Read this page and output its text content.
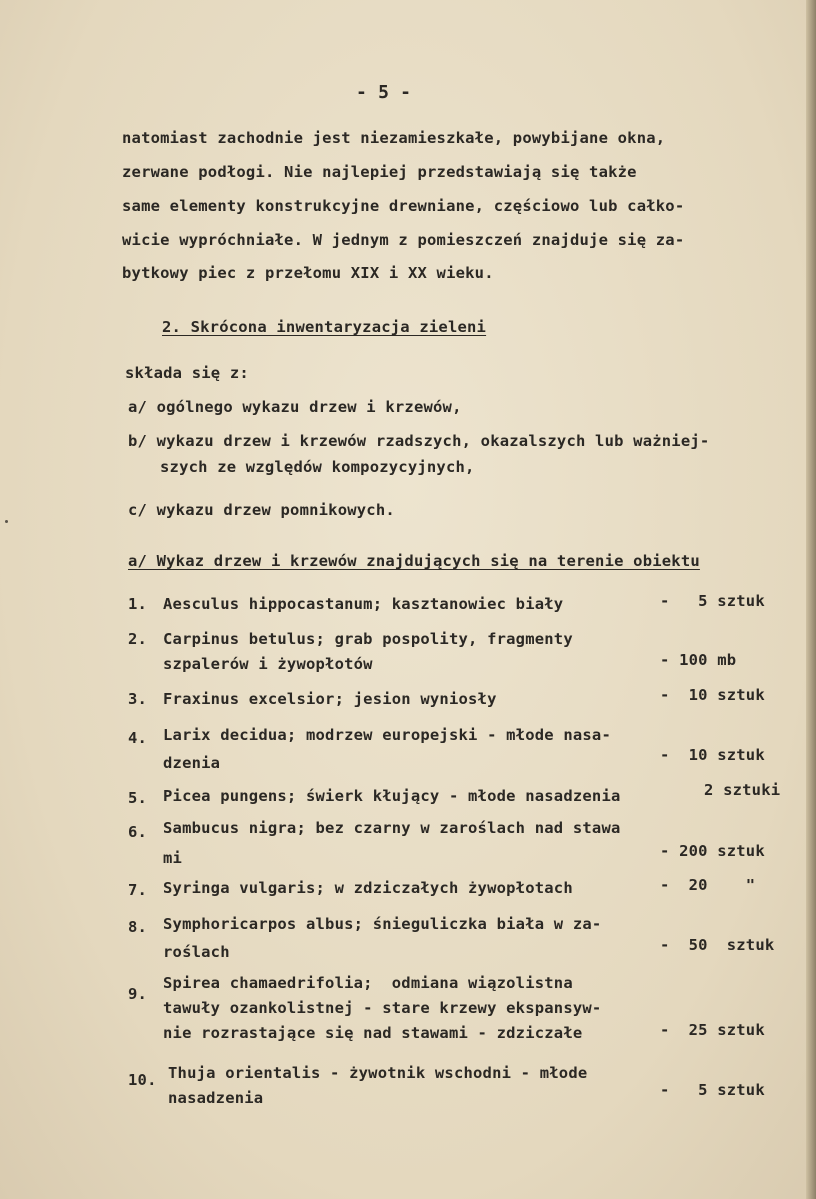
- 5 -
natomiast zachodnie jest niezamieszkałe, powybijane okna,
zerwane podłogi. Nie najlepiej przedstawiają się także
same elementy konstrukcyjne drewniane, częściowo lub całko-
wicie wypróchniałe. W jednym z pomieszczeń znajduje się za-
bytkowy piec z przełomu XIX i XX wieku.
2. Skrócona inwentaryzacja zieleni
składa się z:
a/ ogólnego wykazu drzew i krzewów,
b/ wykazu drzew i krzewów rzadszych, okazalszych lub ważniej-
szych ze względów kompozycyjnych,
c/ wykazu drzew pomnikowych.
a/ Wykaz drzew i krzewów znajdujących się na terenie obiektu
1. Aesculus hippocastanum; kasztanowiec biały	-   5 sztuk
2. Carpinus betulus; grab pospolity, fragmenty
szpalerów i żywopłotów	- 100 mb
3. Fraxinus excelsior; jesion wyniosły	-  10 sztuk
4. Larix decidua; modrzew europejski - młode nasa-
dzenia	-  10 sztuk
5. Picea pungens; świerk kłujący - młode nasadzenia	2 sztuki
6. Sambucus nigra; bez czarny w zaroślach nad stawa
mi	- 200 sztuk
7. Syringa vulgaris; w zdziczałych żywopłotach	-  20    "
8. Symphoricarpos albus; śnieguliczka biała w za-
roślach	-  50  sztuk
9.
Spirea chamaedrifolia;  odmiana wiązolistna
tawuły ozankolistnej - stare krzewy ekspansyw-
nie rozrastające się nad stawami - zdziczałe	-  25 sztuk
10. Thuja orientalis - żywotnik wschodni - młode
nasadzenia	-   5 sztuk
